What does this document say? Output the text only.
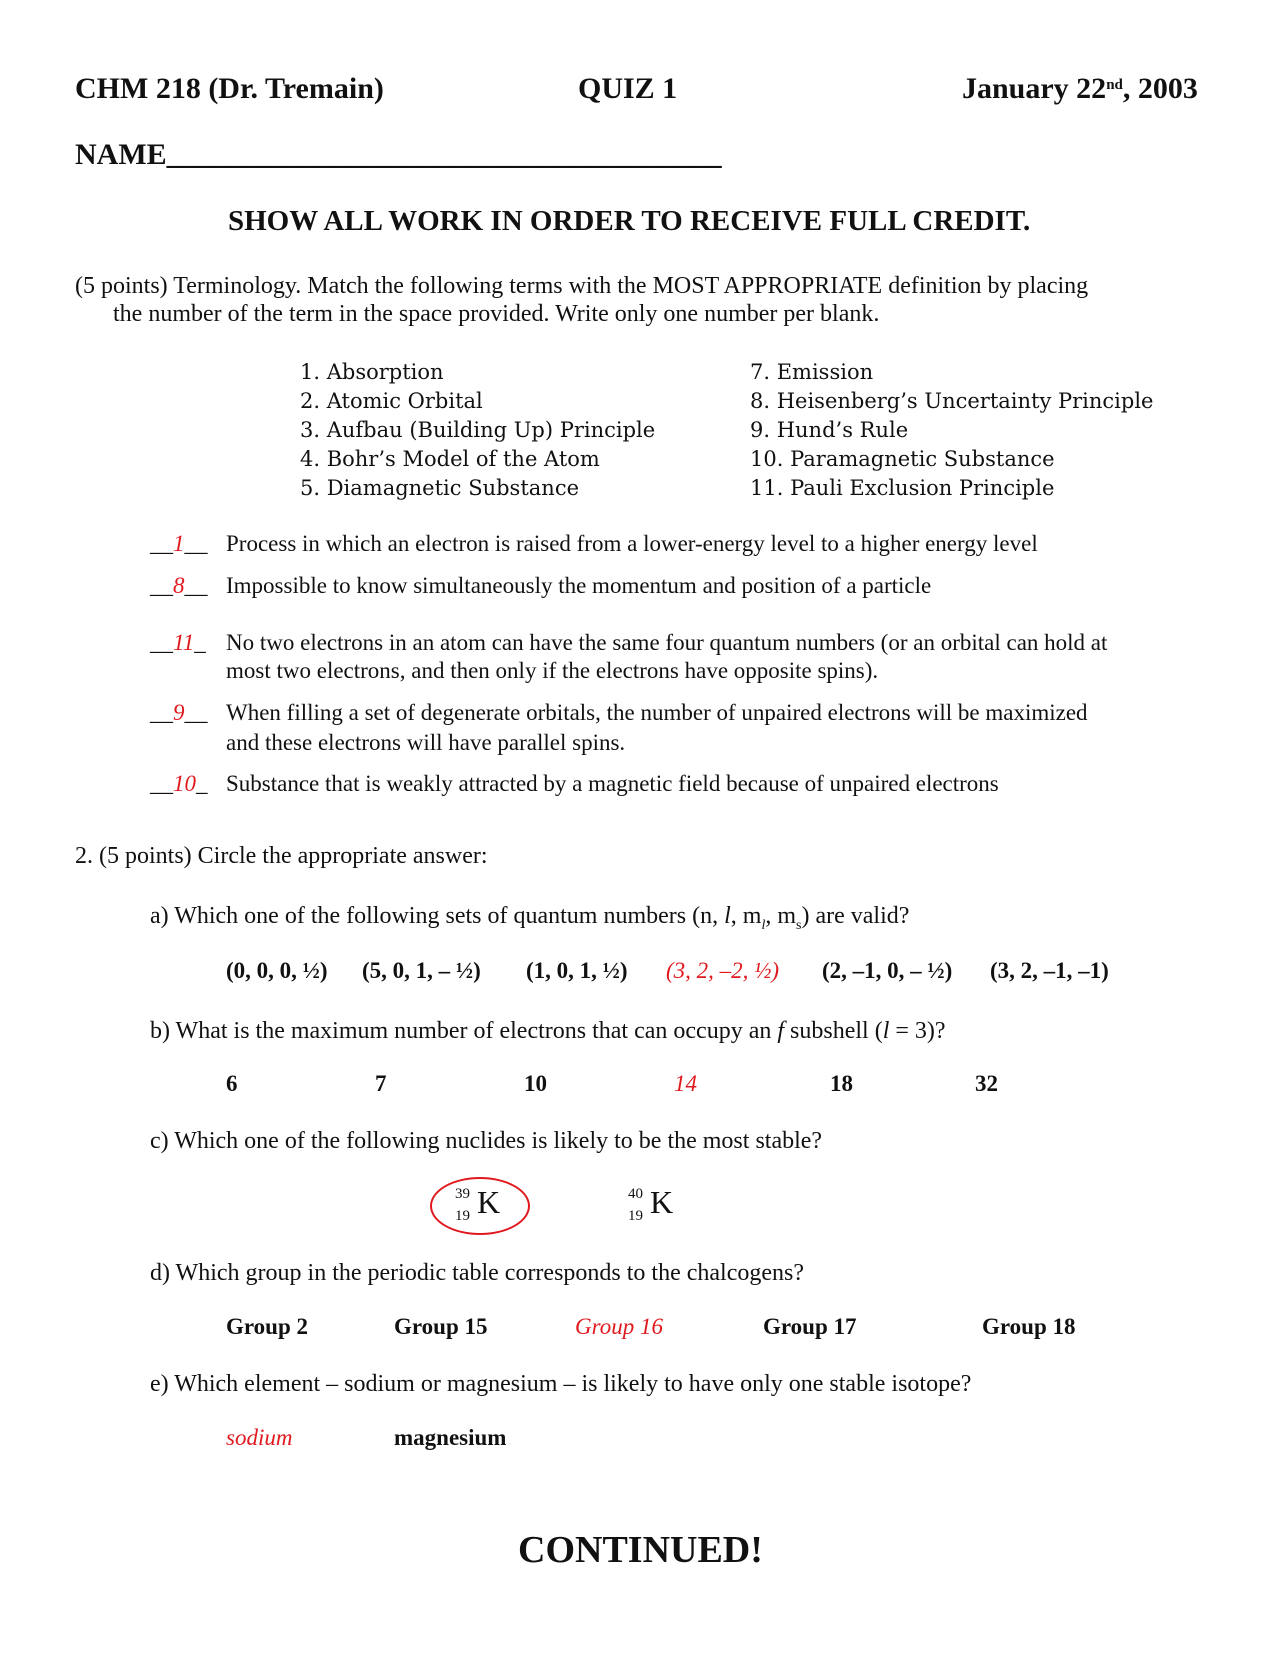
CHM 218 (Dr. Tremain)	QUIZ 1	January 22nd, 2003
NAME_____________________________________
SHOW ALL WORK IN ORDER TO RECEIVE FULL CREDIT.
(5 points) Terminology. Match the following terms with the MOST APPROPRIATE definition by placing
the number of the term in the space provided. Write only one number per blank.
1. Absorption
2. Atomic Orbital
3. Aufbau (Building Up) Principle
4. Bohr’s Model of the Atom
5. Diamagnetic Substance
7. Emission
8. Heisenberg’s Uncertainty Principle
9. Hund’s Rule
10. Paramagnetic Substance
11. Pauli Exclusion Principle
__1__ Process in which an electron is raised from a lower-energy level to a higher energy level
__8__ Impossible to know simultaneously the momentum and position of a particle
__11_ No two electrons in an atom can have the same four quantum numbers (or an orbital can hold at
most two electrons, and then only if the electrons have opposite spins).
__9__ When filling a set of degenerate orbitals, the number of unpaired electrons will be maximized
and these electrons will have parallel spins.
__10_ Substance that is weakly attracted by a magnetic field because of unpaired electrons
2. (5 points) Circle the appropriate answer:
a) Which one of the following sets of quantum numbers (n, l, $m_l$, $m_s$) are valid?
(0, 0, 0, ½) (5, 0, 1, – ½) (1, 0, 1, ½) (3, 2, –2, ½) (2, –1, 0, – ½) (3, 2, –1, –1)
b) What is the maximum number of electrons that can occupy an f subshell (l = 3)?
6	7	10	14	18	32
c) Which one of the following nuclides is likely to be the most stable?
39
19 K	40
19 K
d) Which group in the periodic table corresponds to the chalcogens?
Group 2	Group 15	Group 16	Group 17	Group 18
e) Which element – sodium or magnesium – is likely to have only one stable isotope?
sodium	magnesium
CONTINUED!
